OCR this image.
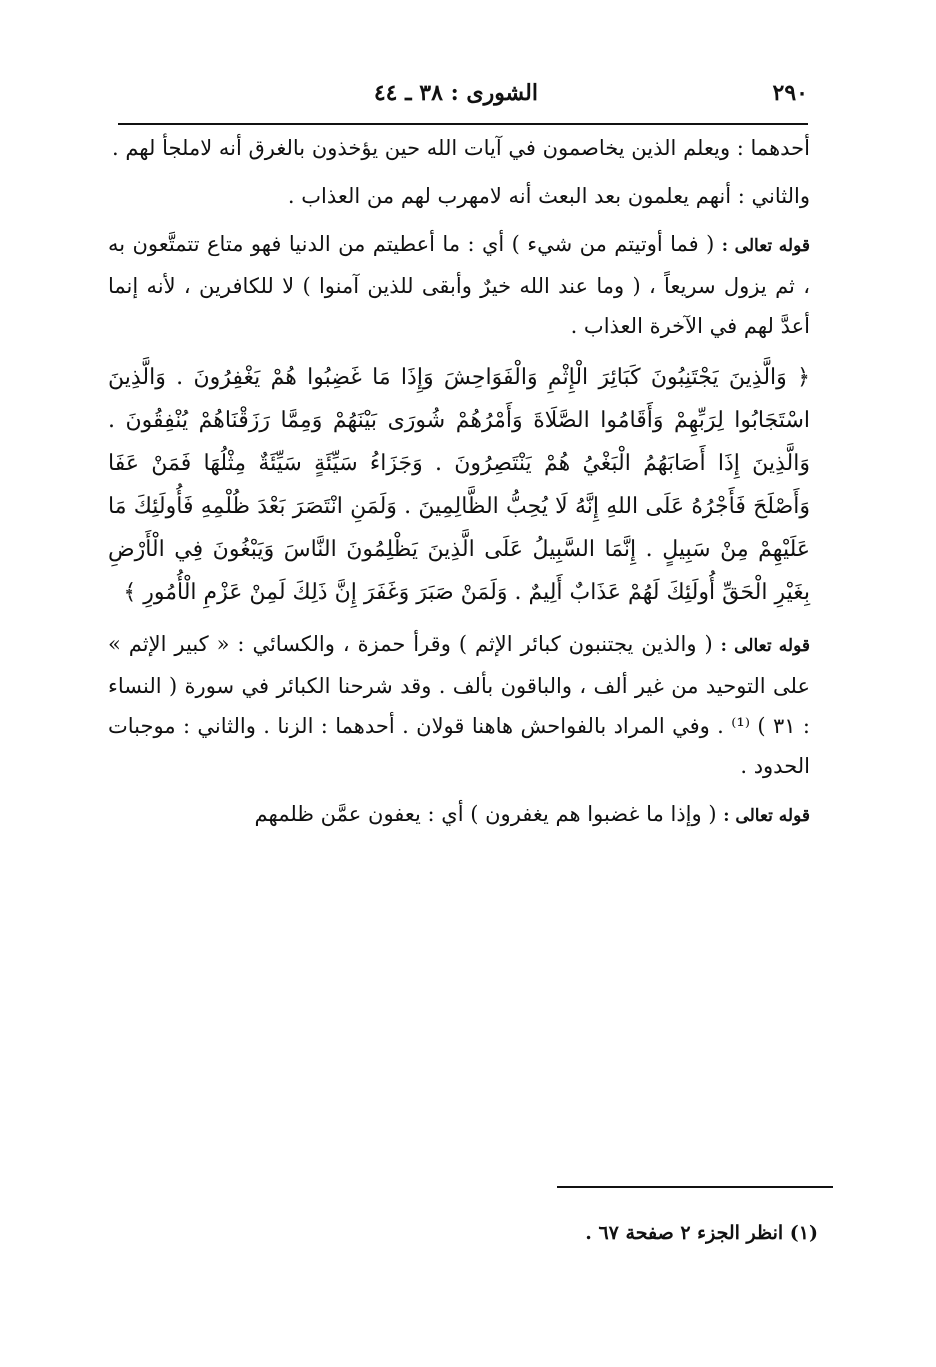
٢٩٠
الشورى : ٣٨ ـ ٤٤

أحدهما : ويعلم الذين يخاصمون في آيات الله حين يؤخذون بالغرق أنه لاملجأ لهم .

والثاني : أنهم يعلمون بعد البعث أنه لامهرب لهم من العذاب .

قوله تعالى : ( فما أوتيتم من شيء ) أي : ما أعطيتم من الدنيا فهو متاع تتمتَّعون به ، ثم يزول سريعاً ، ( وما عند الله خيرٌ وأبقى للذين آمنوا ) لا للكافرين ، لأنه إنما أعدَّ لهم في الآخرة العذاب .

﴿ وَالَّذِينَ يَجْتَنِبُونَ كَبَائِرَ الْإِثْمِ وَالْفَوَاحِشَ وَإِذَا مَا غَضِبُوا هُمْ يَغْفِرُونَ . وَالَّذِينَ اسْتَجَابُوا لِرَبِّهِمْ وَأَقَامُوا الصَّلَاةَ وَأَمْرُهُمْ شُورَى بَيْنَهُمْ وَمِمَّا رَزَقْنَاهُمْ يُنْفِقُونَ . وَالَّذِينَ إِذَا أَصَابَهُمُ الْبَغْيُ هُمْ يَنْتَصِرُونَ . وَجَزَاءُ سَيِّئَةٍ سَيِّئَةٌ مِثْلُهَا فَمَنْ عَفَا وَأَصْلَحَ فَأَجْرُهُ عَلَى اللهِ إِنَّهُ لَا يُحِبُّ الظَّالِمِينَ . وَلَمَنِ انْتَصَرَ بَعْدَ ظُلْمِهِ فَأُولَئِكَ مَا عَلَيْهِمْ مِنْ سَبِيلٍ . إِنَّمَا السَّبِيلُ عَلَى الَّذِينَ يَظْلِمُونَ النَّاسَ وَيَبْغُونَ فِي الْأَرْضِ بِغَيْرِ الْحَقِّ أُولَئِكَ لَهُمْ عَذَابٌ أَلِيمٌ . وَلَمَنْ صَبَرَ وَغَفَرَ إِنَّ ذَلِكَ لَمِنْ عَزْمِ الْأُمُورِ ﴾

قوله تعالى : ( والذين يجتنبون كبائر الإثم ) وقرأ حمزة ، والكسائي : « كبير الإثم » على التوحيد من غير ألف ، والباقون بألف . وقد شرحنا الكبائر في سورة ( النساء : ٣١ ) ⁽¹⁾ . وفي المراد بالفواحش هاهنا قولان . أحدهما : الزنا . والثاني : موجبات الحدود .

قوله تعالى : ( وإذا ما غضبوا هم يغفرون ) أي : يعفون عمَّن ظلمهم

(١) انظر الجزء ٢ صفحة ٦٧ .
